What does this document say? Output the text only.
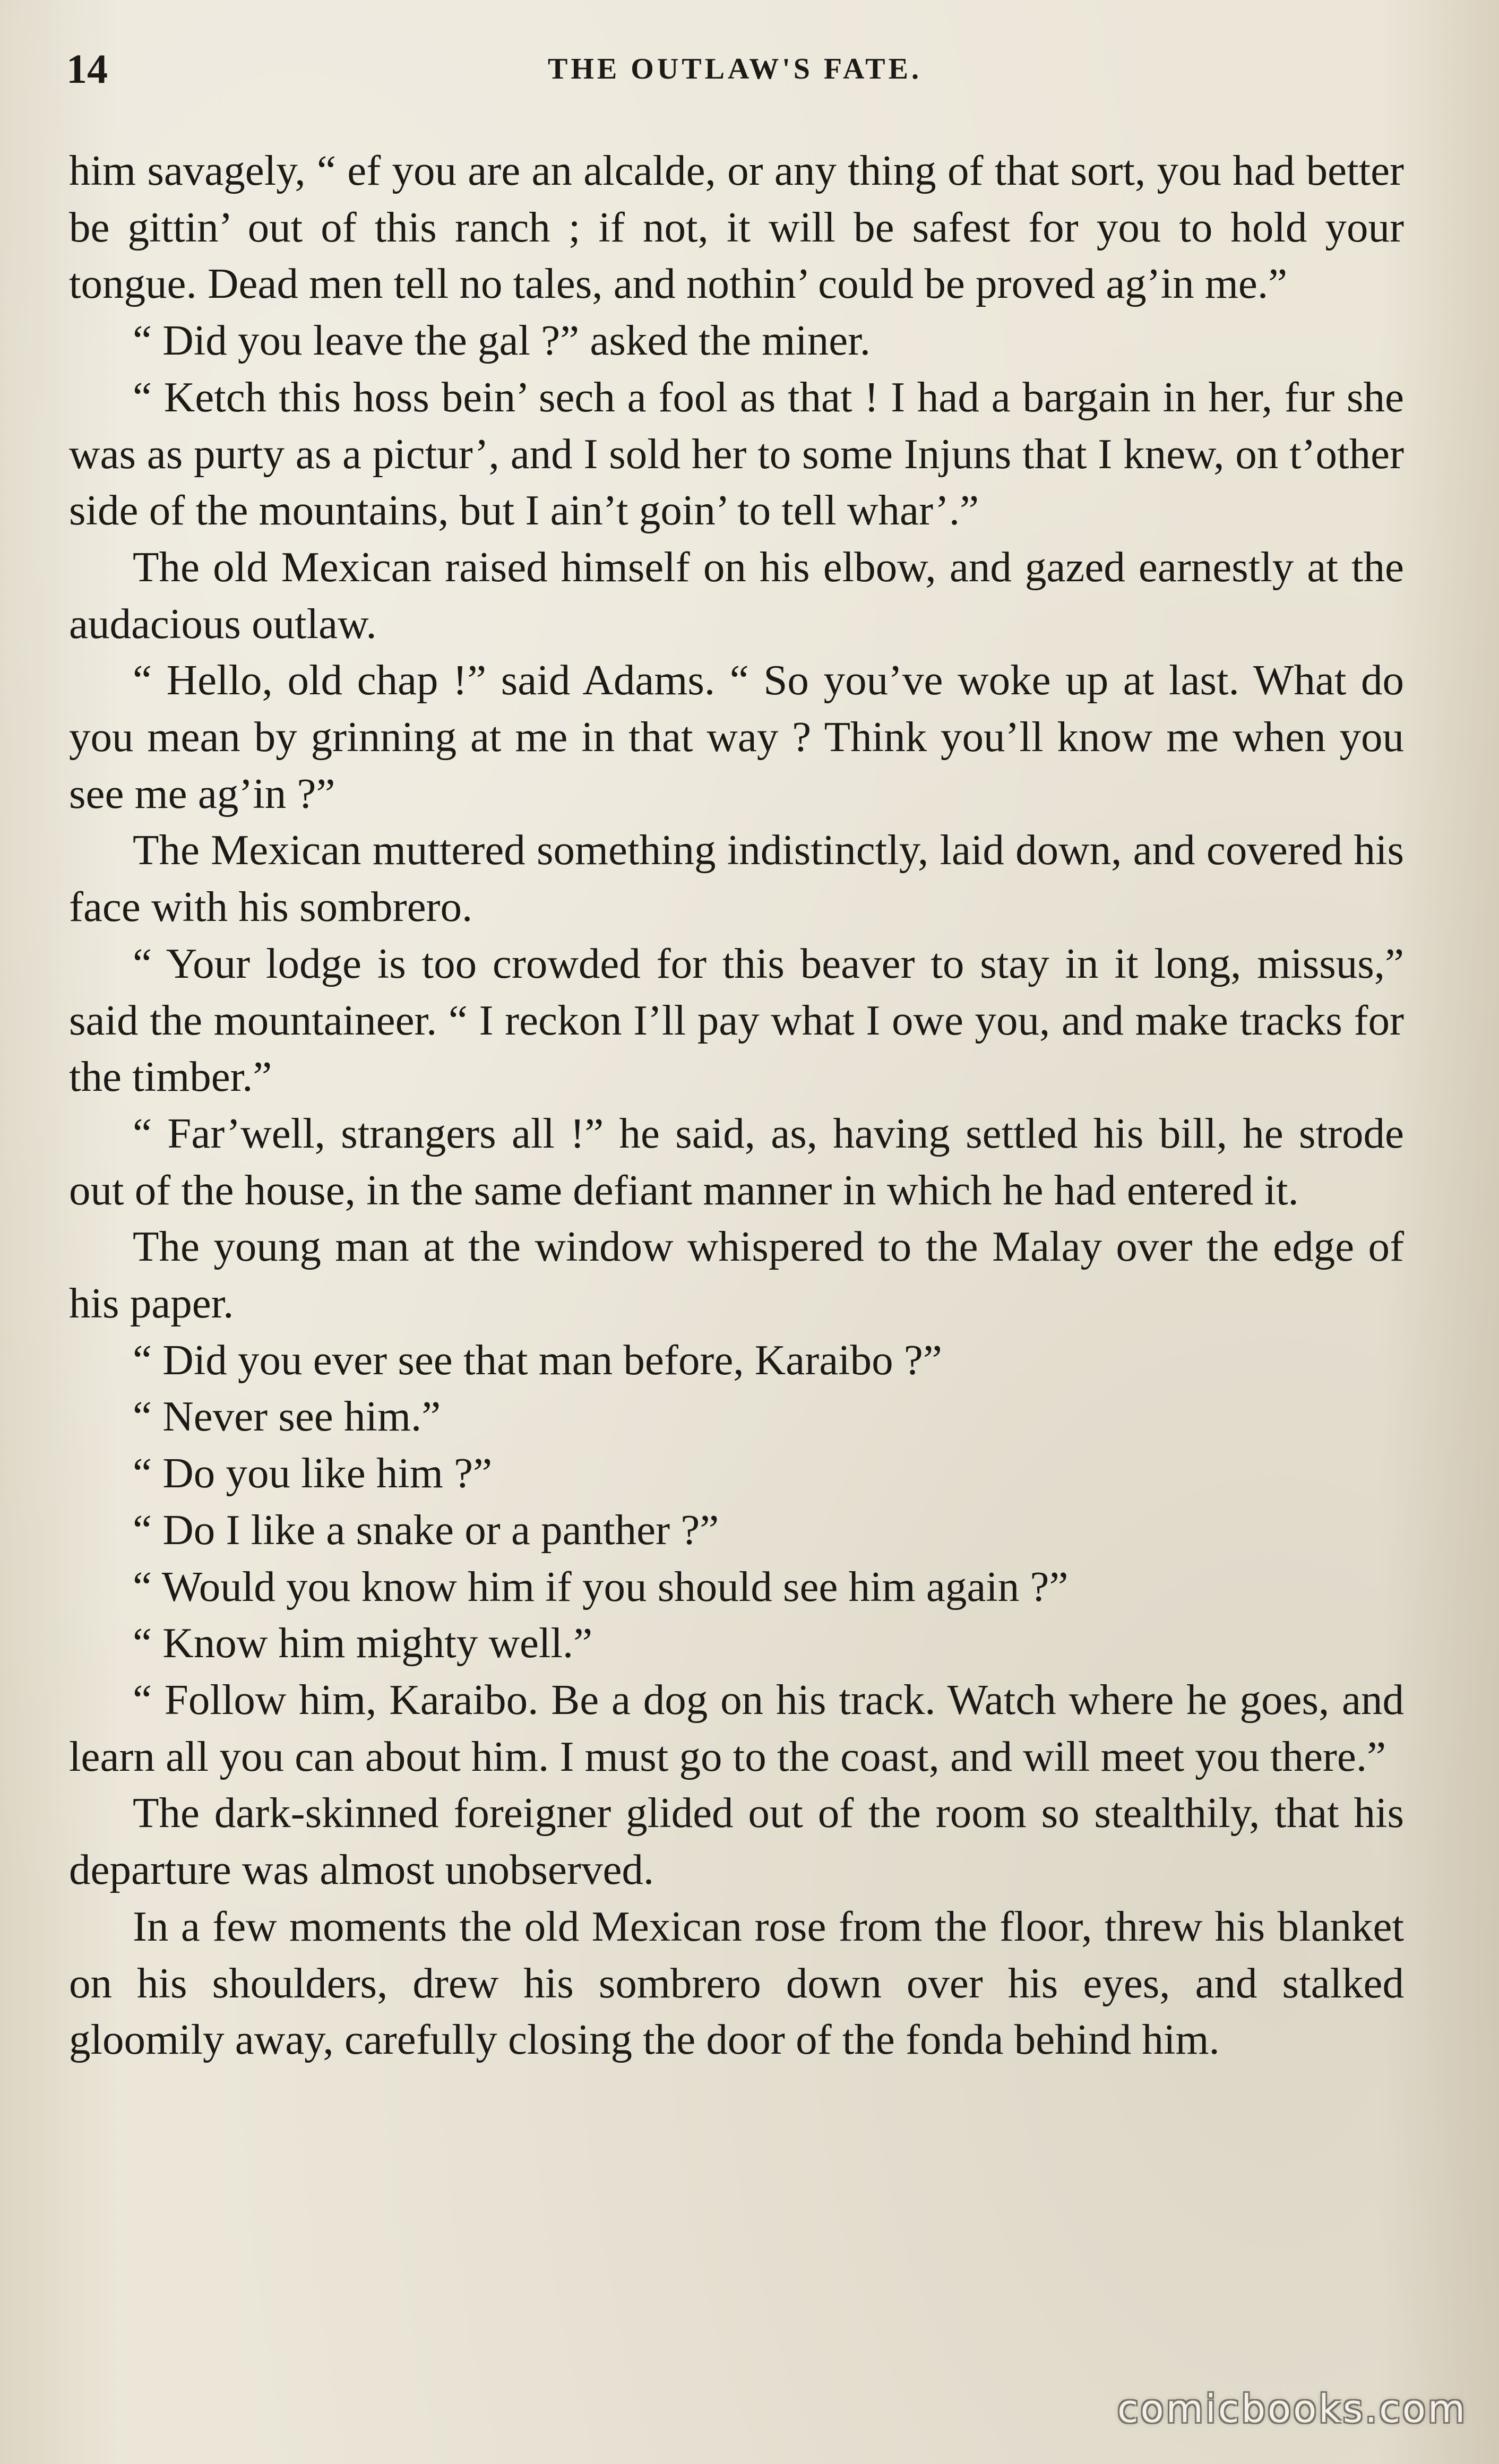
14	THE OUTLAW'S FATE.

him savagely, “ ef you are an alcalde, or any thing of that sort, you had better be gittin’ out of this ranch ; if not, it will be safest for you to hold your tongue. Dead men tell no tales, and nothin’ could be proved ag’in me.”

“ Did you leave the gal ?” asked the miner.

“ Ketch this hoss bein’ sech a fool as that ! I had a bargain in her, fur she was as purty as a pictur’, and I sold her to some Injuns that I knew, on t’other side of the mountains, but I ain’t goin’ to tell whar’.”

The old Mexican raised himself on his elbow, and gazed earnestly at the audacious outlaw.

“ Hello, old chap !” said Adams. “ So you’ve woke up at last. What do you mean by grinning at me in that way ? Think you’ll know me when you see me ag’in ?”

The Mexican muttered something indistinctly, laid down, and covered his face with his sombrero.

“ Your lodge is too crowded for this beaver to stay in it long, missus,” said the mountaineer. “ I reckon I’ll pay what I owe you, and make tracks for the timber.”

“ Far’well, strangers all !” he said, as, having settled his bill, he strode out of the house, in the same defiant manner in which he had entered it.

The young man at the window whispered to the Malay over the edge of his paper.

“ Did you ever see that man before, Karaibo ?”

“ Never see him.”

“ Do you like him ?”

“ Do I like a snake or a panther ?”

“ Would you know him if you should see him again ?”

“ Know him mighty well.”

“ Follow him, Karaibo. Be a dog on his track. Watch where he goes, and learn all you can about him. I must go to the coast, and will meet you there.”

The dark-skinned foreigner glided out of the room so stealthily, that his departure was almost unobserved.

In a few moments the old Mexican rose from the floor, threw his blanket on his shoulders, drew his sombrero down over his eyes, and stalked gloomily away, carefully closing the door of the fonda behind him.

comicbooks.com
